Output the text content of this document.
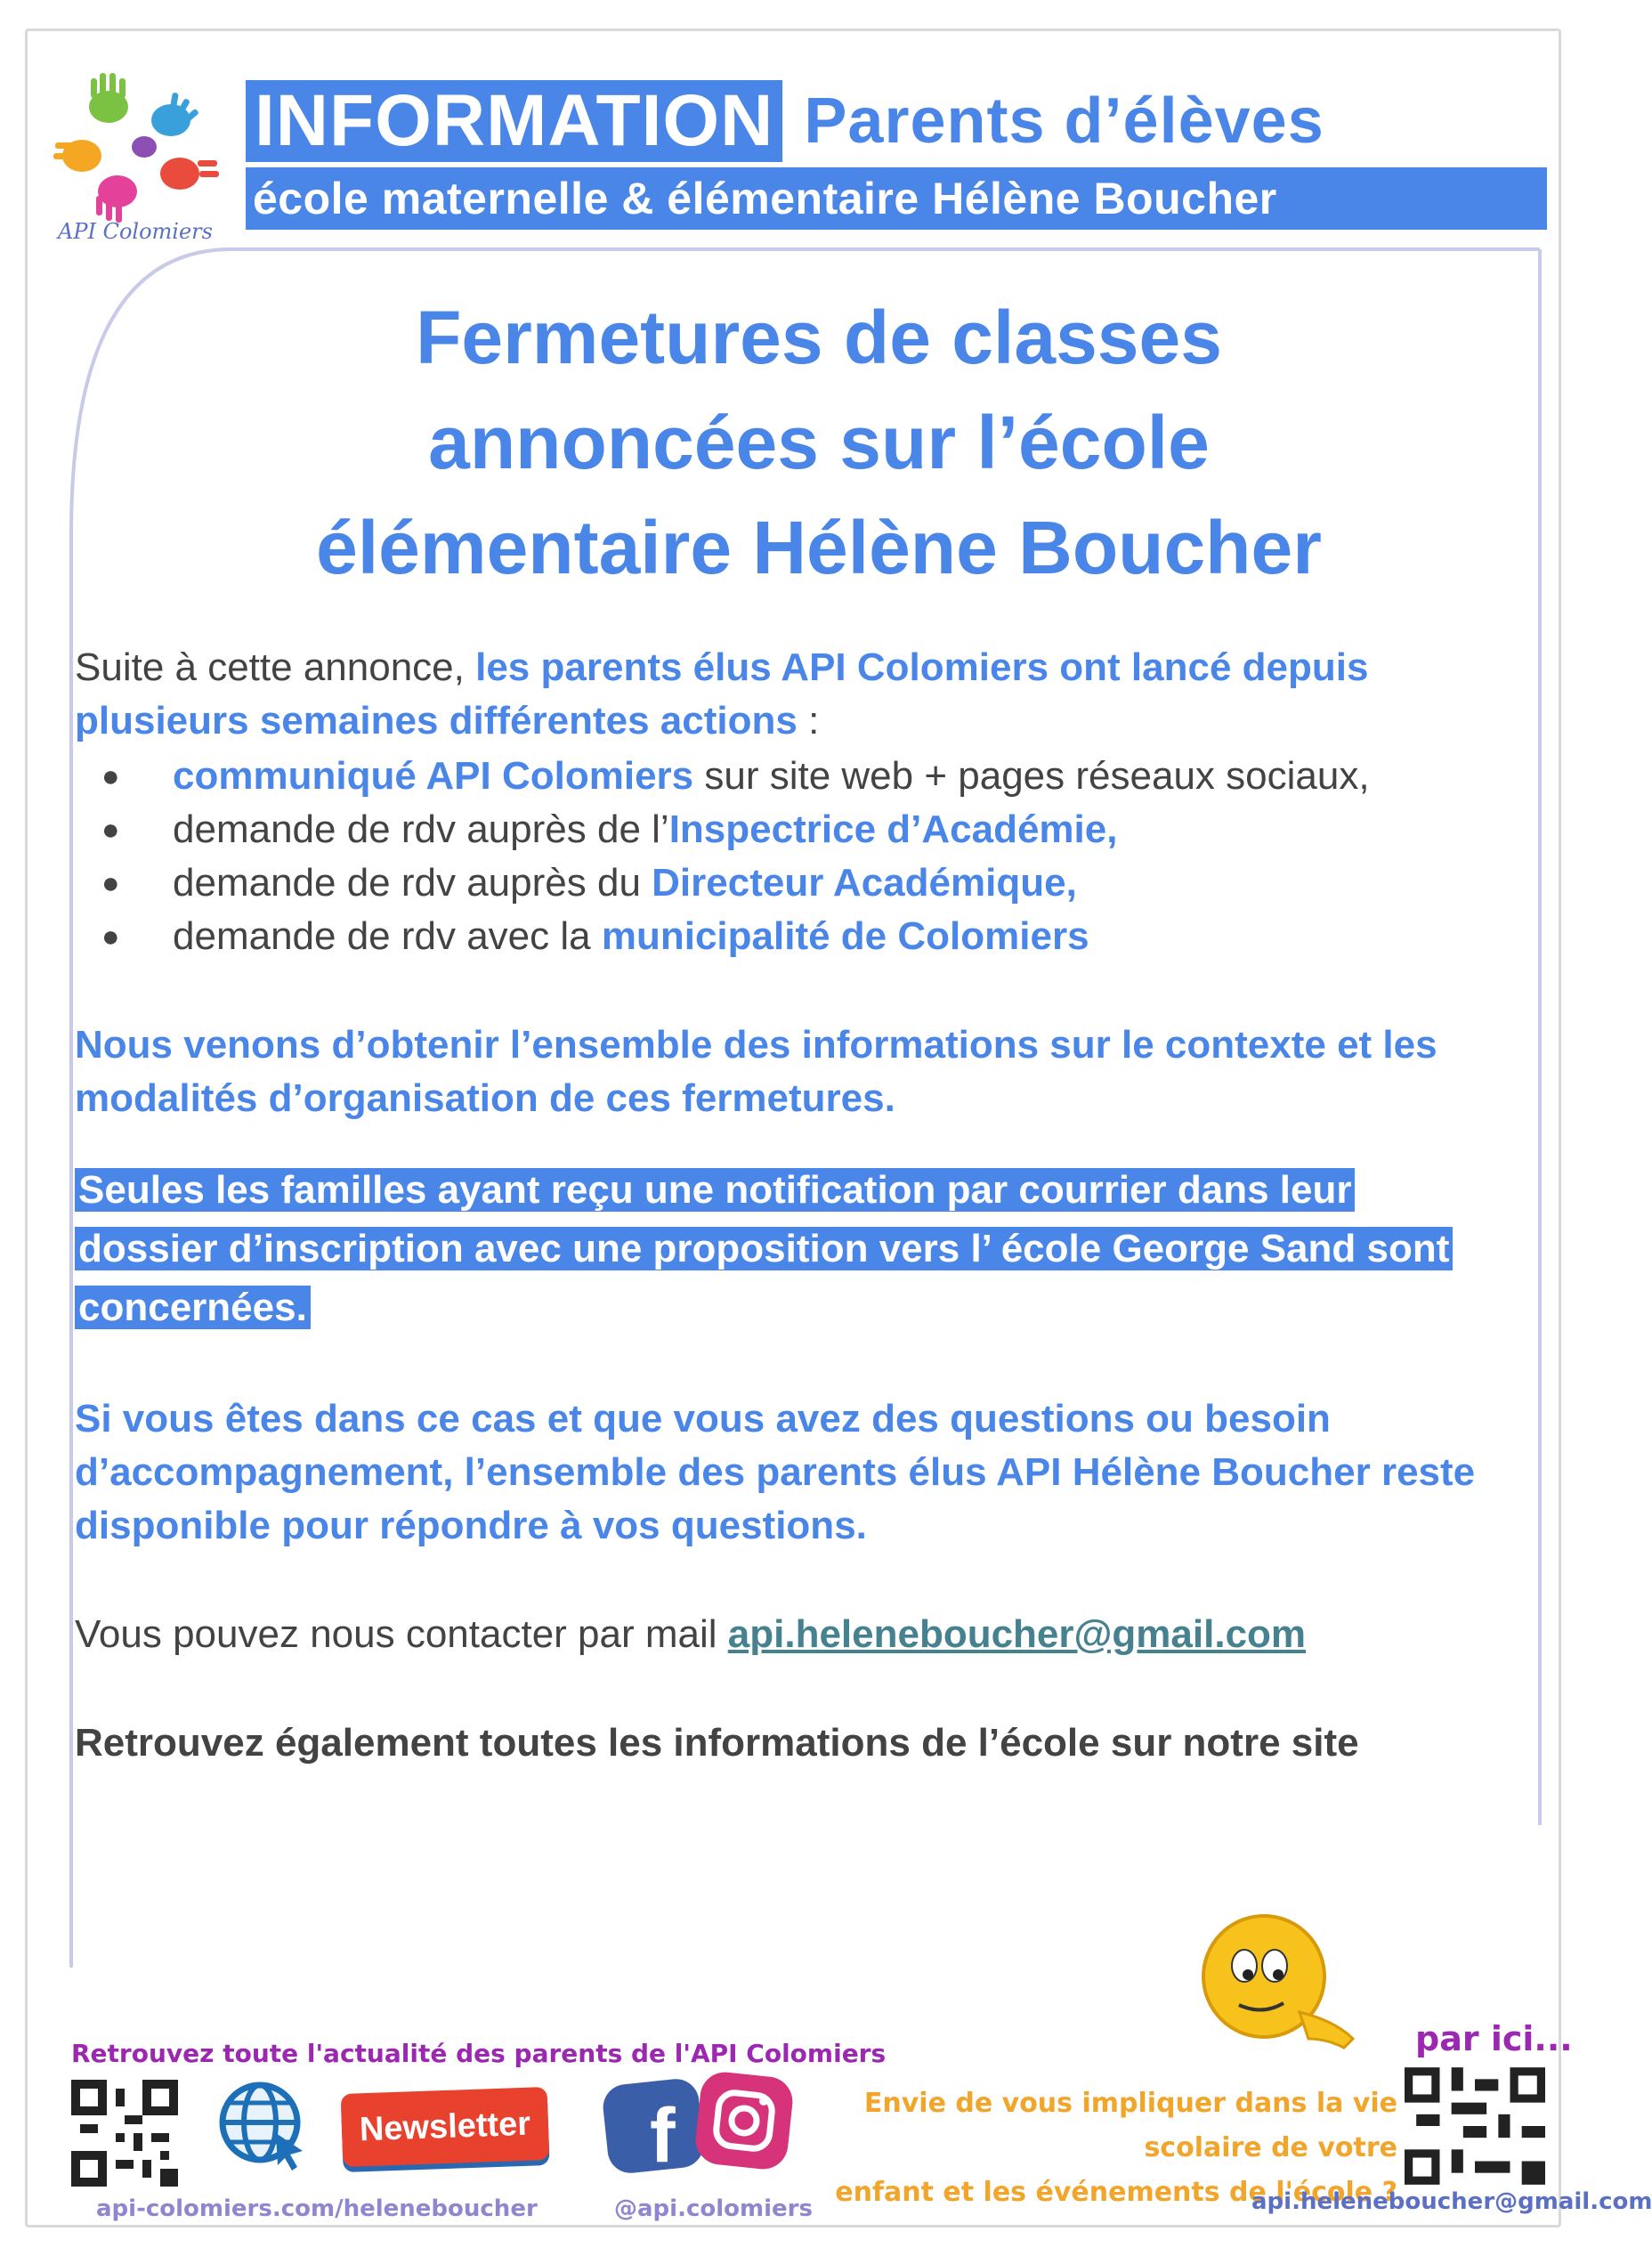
API Colomiers
INFORMATION Parents d’élèves
école maternelle & élémentaire Hélène Boucher
Fermetures de classes
annoncées sur l’école
élémentaire Hélène Boucher

Suite à cette annonce, les parents élus API Colomiers ont lancé depuis plusieurs semaines différentes actions :

● communiqué API Colomiers sur site web + pages réseaux sociaux,
● demande de rdv auprès de l’Inspectrice d’Académie,
● demande de rdv auprès du Directeur Académique,
● demande de rdv avec la municipalité de Colomiers

Nous venons d’obtenir l’ensemble des informations sur le contexte et les modalités d’organisation de ces fermetures.

Seules les familles ayant reçu une notification par courrier dans leur dossier d’inscription avec une proposition vers l’ école George Sand sont concernées.

Si vous êtes dans ce cas et que vous avez des questions ou besoin d’accompagnement, l’ensemble des parents élus API Hélène Boucher reste disponible pour répondre à vos questions.

Vous pouvez nous contacter par mail api.heleneboucher@gmail.com

Retrouvez également toutes les informations de l’école sur notre site

Retrouvez toute l'actualité des parents de l'API Colomiers
Newsletter f
api-colomiers.com/heleneboucher	@api.colomiers
par ici...
Envie de vous impliquer dans la vie scolaire de votre
enfant et les événements de l'école ?
api.heleneboucher@gmail.com
